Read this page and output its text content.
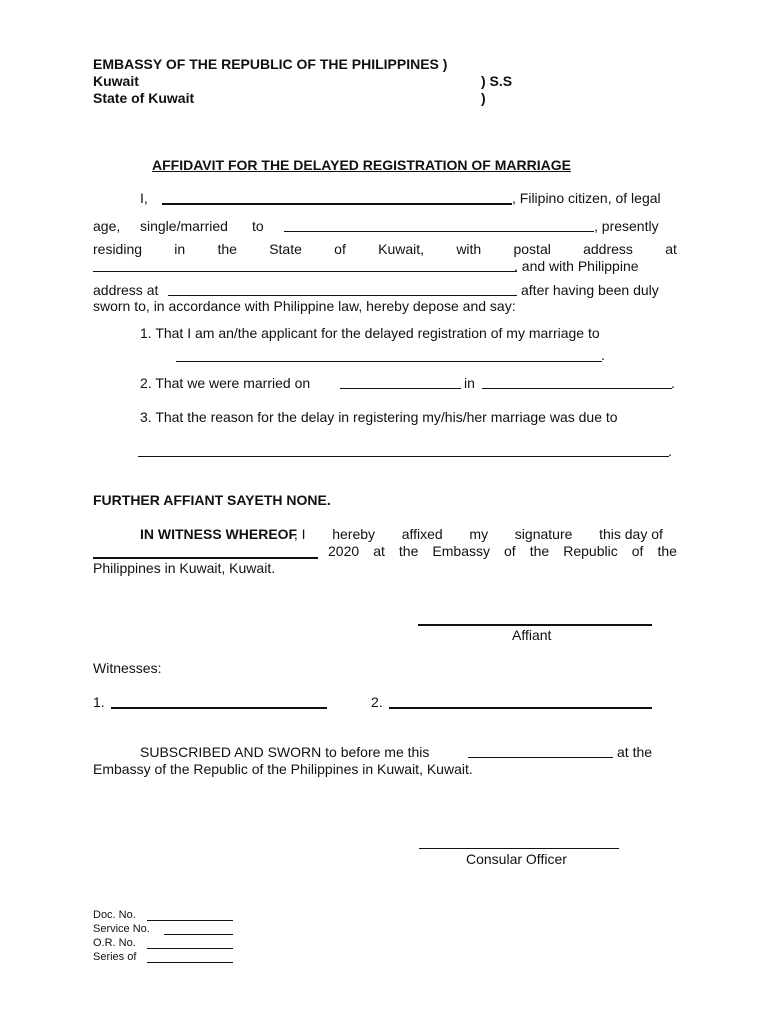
EMBASSY OF THE REPUBLIC OF THE PHILIPPINES )
Kuwait	) S.S
State of Kuwait	)
AFFIDAVIT FOR THE DELAYED REGISTRATION OF MARRIAGE
I,	, Filipino citizen, of legal
age, single/married to	, presently
residing in the State of Kuwait, with postal address at
. and with Philippine
address at	after having been duly
sworn to, in accordance with Philippine law, hereby depose and say:
1. That I am an/the applicant for the delayed registration of my marriage to
.
2. That we were married on	in	.
3. That the reason for the delay in registering my/his/her marriage was due to
.
FURTHER AFFIANT SAYETH NONE.
IN WITNESS WHEREOF
, I hereby affixed my signature this day of
2020 at the Embassy of the Republic of the
Philippines in Kuwait, Kuwait.
Affiant
Witnesses:
1.	2.
SUBSCRIBED AND SWORN to before me this	at the
Embassy of the Republic of the Philippines in Kuwait, Kuwait.
Consular Officer
Doc. No.
Service No.
O.R. No.
Series of
